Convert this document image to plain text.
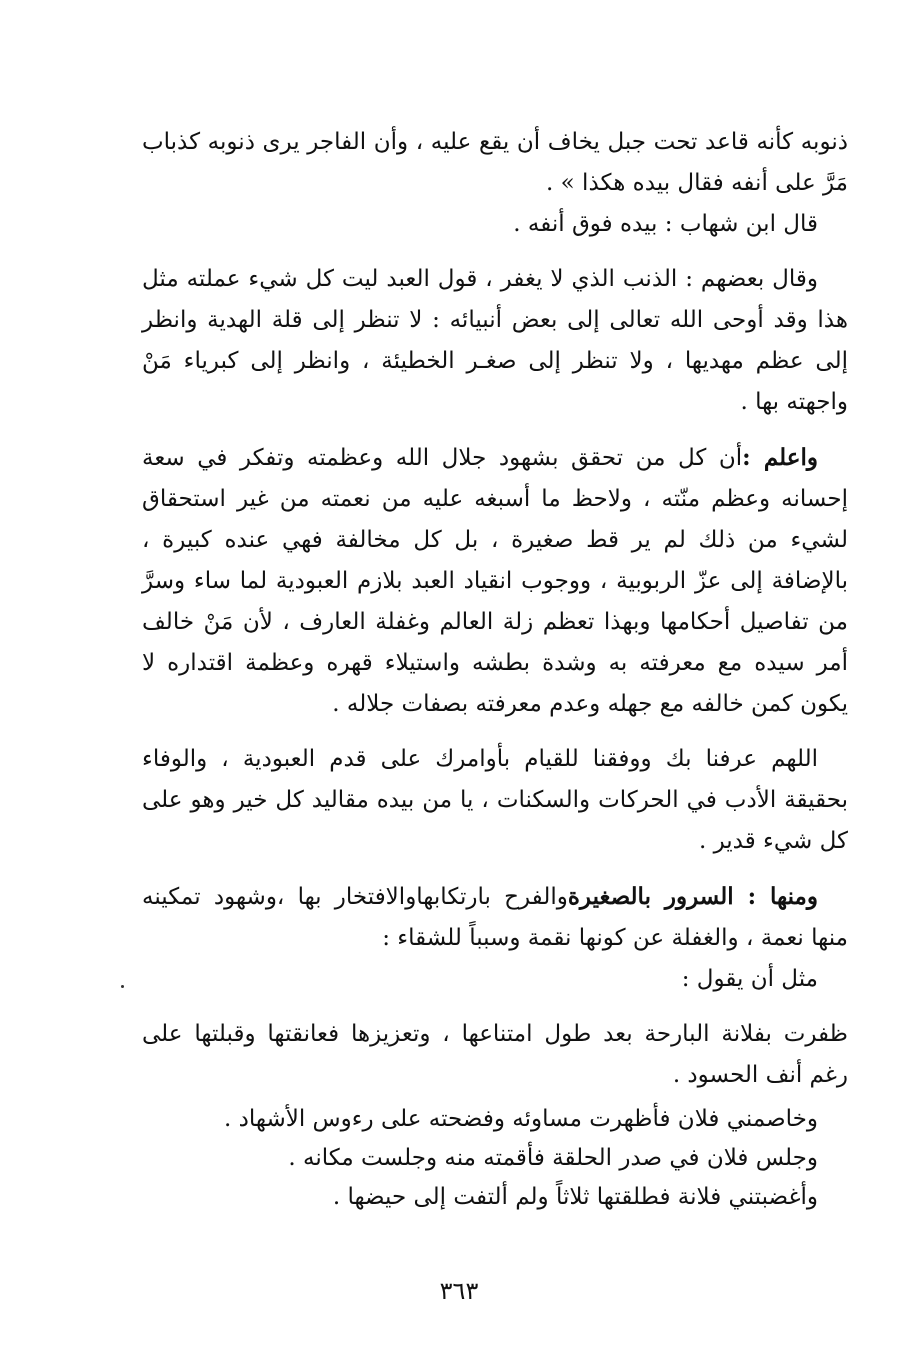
ذنوبه كأنه قاعد تحت جبل يخاف أن يقع عليه ، وأن الفاجر يرى ذنوبه كذباب مَرَّ على أنفه فقال بيده هكذا » .

قال ابن شهاب : بيده فوق أنفه .

وقال بعضهم : الذنب الذي لا يغفر ، قول العبد ليت كل شيء عملته مثل هذا وقد أوحى الله تعالى إلى بعض أنبيائه : لا تنظر إلى قلة الهدية وانظر إلى عظم مهديها ، ولا تنظر إلى صغـر الخطيئة ، وانظر إلى كبرياء مَنْ واجهته بها .

واعلم :أن كل من تحقق بشهود جلال الله وعظمته وتفكر في سعة إحسانه وعظم منّته ، ولاحظ ما أسبغه عليه من نعمته من غير استحقاق لشيء من ذلك لم ير قط صغيرة ، بل كل مخالفة فهي عنده كبيرة ، بالإضافة إلى عزّ الربوبية ، ووجوب انقياد العبد بلازم العبودية لما ساء وسرَّ من تفاصيل أحكامها وبهذا تعظم زلة العالم وغفلة العارف ، لأن مَنْ خالف أمر سيده مع معرفته به وشدة بطشه واستيلاء قهره وعظمة اقتداره لا يكون كمن خالفه مع جهله وعدم معرفته بصفات جلاله .

اللهم عرفنا بك ووفقنا للقيام بأوامرك على قدم العبودية ، والوفاء بحقيقة الأدب في الحركات والسكنات ، يا من بيده مقاليد كل خير وهو على كل شيء قدير .

ومنها : السرور بالصغيرةوالفرح بارتكابهاوالافتخار بها ،وشهود تمكينه منها نعمة ، والغفلة عن كونها نقمة وسبباً للشقاء :

مثل أن يقول :

ظفرت بفلانة البارحة بعد طول امتناعها ، وتعزيزها فعانقتها وقبلتها على رغم أنف الحسود .

وخاصمني فلان فأظهرت مساوئه وفضحته على رءوس الأشهاد .

وجلس فلان في صدر الحلقة فأقمته منه وجلست مكانه .

وأغضبتني فلانة فطلقتها ثلاثاً ولم ألتفت إلى حيضها .

٣٦٣
